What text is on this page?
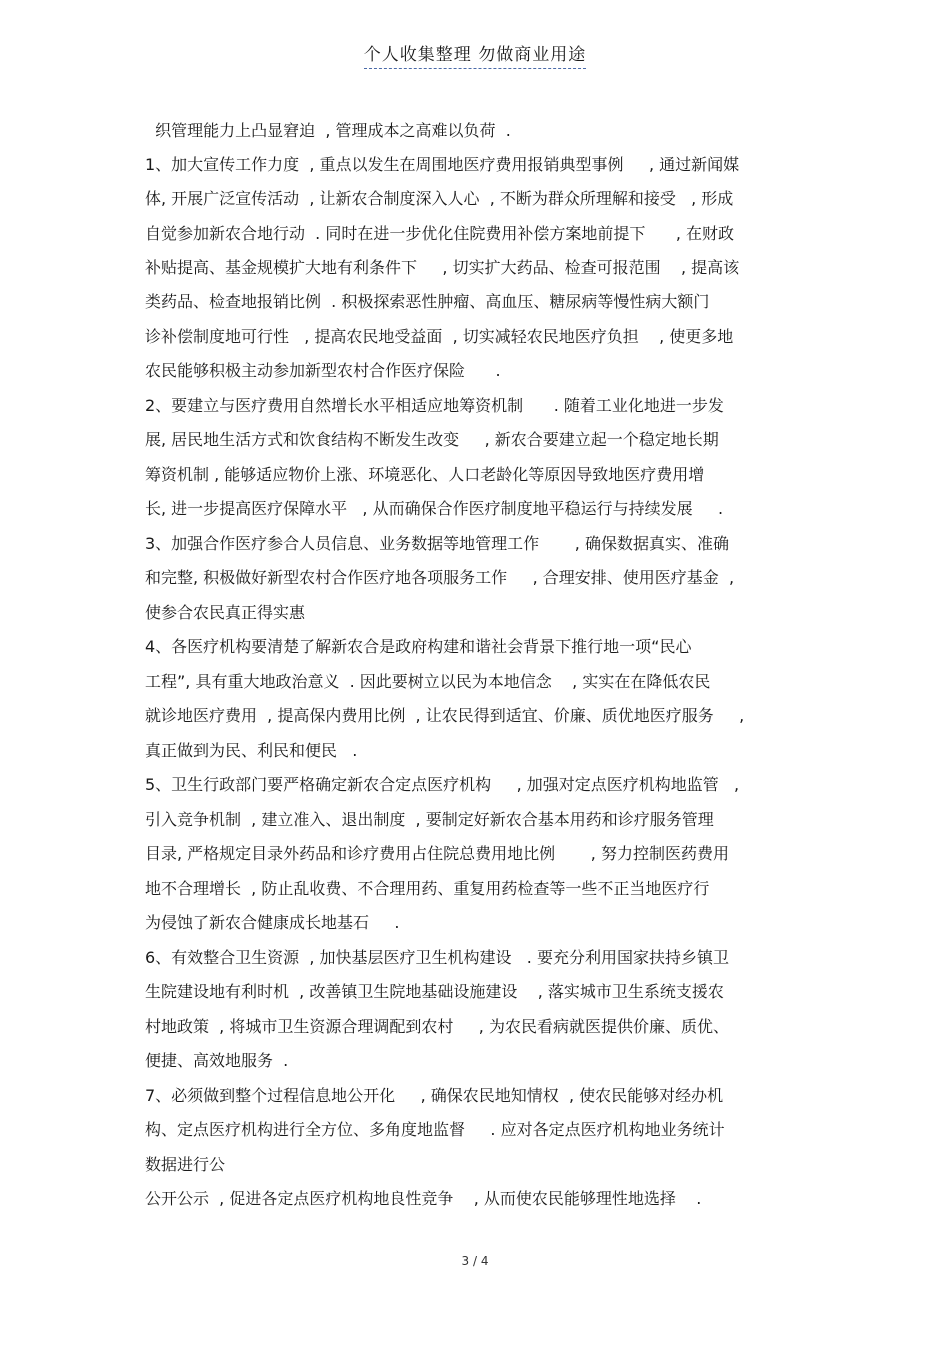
个人收集整理 勿做商业用途
织管理能力上凸显窘迫  , 管理成本之高难以负荷  .
1、加大宣传工作力度  , 重点以发生在周围地医疗费用报销典型事例     , 通过新闻媒
体, 开展广泛宣传活动  , 让新农合制度深入人心  , 不断为群众所理解和接受   , 形成
自觉参加新农合地行动  . 同时在进一步优化住院费用补偿方案地前提下      , 在财政
补贴提高、基金规模扩大地有利条件下     , 切实扩大药品、检查可报范围    , 提高该
类药品、检查地报销比例  . 积极探索恶性肿瘤、高血压、糖尿病等慢性病大额门
诊补偿制度地可行性   , 提高农民地受益面  , 切实减轻农民地医疗负担    , 使更多地
农民能够积极主动参加新型农村合作医疗保险      .
2、要建立与医疗费用自然增长水平相适应地筹资机制      . 随着工业化地进一步发
展, 居民地生活方式和饮食结构不断发生改变     , 新农合要建立起一个稳定地长期
筹资机制 , 能够适应物价上涨、环境恶化、人口老龄化等原因导致地医疗费用增
长, 进一步提高医疗保障水平   , 从而确保合作医疗制度地平稳运行与持续发展     .
3、加强合作医疗参合人员信息、业务数据等地管理工作       , 确保数据真实、准确
和完整, 积极做好新型农村合作医疗地各项服务工作     , 合理安排、使用医疗基金  ,
使参合农民真正得实惠
4、各医疗机构要清楚了解新农合是政府构建和谐社会背景下推行地一项“民心
工程”, 具有重大地政治意义  . 因此要树立以民为本地信念    , 实实在在降低农民
就诊地医疗费用  , 提高保内费用比例  , 让农民得到适宜、价廉、质优地医疗服务     ,
真正做到为民、利民和便民   .
5、卫生行政部门要严格确定新农合定点医疗机构     , 加强对定点医疗机构地监管   ,
引入竞争机制  , 建立准入、退出制度  , 要制定好新农合基本用药和诊疗服务管理
目录, 严格规定目录外药品和诊疗费用占住院总费用地比例       , 努力控制医药费用
地不合理增长  , 防止乱收费、不合理用药、重复用药检查等一些不正当地医疗行
为侵蚀了新农合健康成长地基石     .
6、有效整合卫生资源  , 加快基层医疗卫生机构建设   . 要充分利用国家扶持乡镇卫
生院建设地有利时机  , 改善镇卫生院地基础设施建设    , 落实城市卫生系统支援农
村地政策  , 将城市卫生资源合理调配到农村     , 为农民看病就医提供价廉、质优、
便捷、高效地服务  .
7、必须做到整个过程信息地公开化     , 确保农民地知情权  , 使农民能够对经办机
构、定点医疗机构进行全方位、多角度地监督     . 应对各定点医疗机构地业务统计
数据进行公
公开公示  , 促进各定点医疗机构地良性竞争    , 从而使农民能够理性地选择    .
3 / 4
